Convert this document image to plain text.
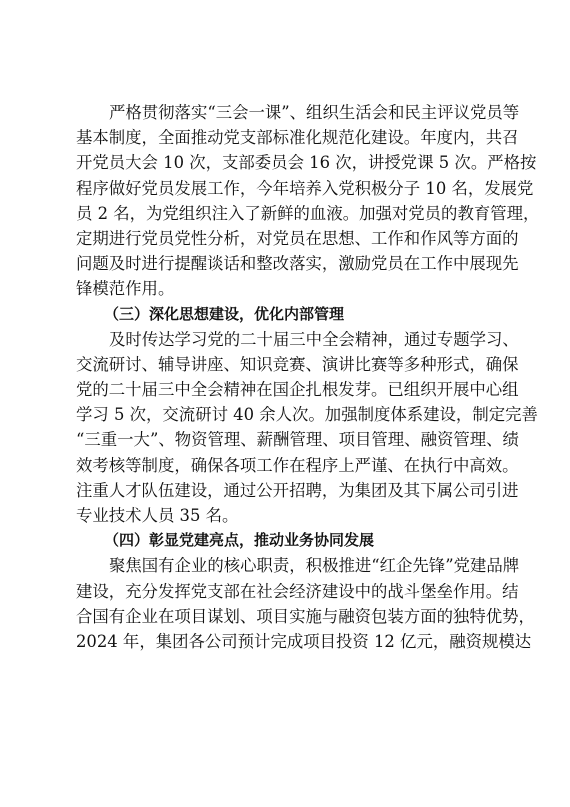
严格贯彻落实“三会一课”、组织生活会和民主评议党员等
基本制度，全面推动党支部标准化规范化建设。年度内，共召
开党员大会 10 次，支部委员会 16 次，讲授党课 5 次。严格按
程序做好党员发展工作，今年培养入党积极分子 10 名，发展党
员 2 名，为党组织注入了新鲜的血液。加强对党员的教育管理，
定期进行党员党性分析，对党员在思想、工作和作风等方面的
问题及时进行提醒谈话和整改落实，激励党员在工作中展现先
锋模范作用。
（三）深化思想建设，优化内部管理
及时传达学习党的二十届三中全会精神，通过专题学习、
交流研讨、辅导讲座、知识竞赛、演讲比赛等多种形式，确保
党的二十届三中全会精神在国企扎根发芽。已组织开展中心组
学习 5 次，交流研讨 40 余人次。加强制度体系建设，制定完善
“三重一大”、物资管理、薪酬管理、项目管理、融资管理、绩
效考核等制度，确保各项工作在程序上严谨、在执行中高效。
注重人才队伍建设，通过公开招聘，为集团及其下属公司引进
专业技术人员 35 名。
（四）彰显党建亮点，推动业务协同发展
聚焦国有企业的核心职责，积极推进“红企先锋”党建品牌
建设，充分发挥党支部在社会经济建设中的战斗堡垒作用。结
合国有企业在项目谋划、项目实施与融资包装方面的独特优势，
2024 年，集团各公司预计完成项目投资 12 亿元，融资规模达
